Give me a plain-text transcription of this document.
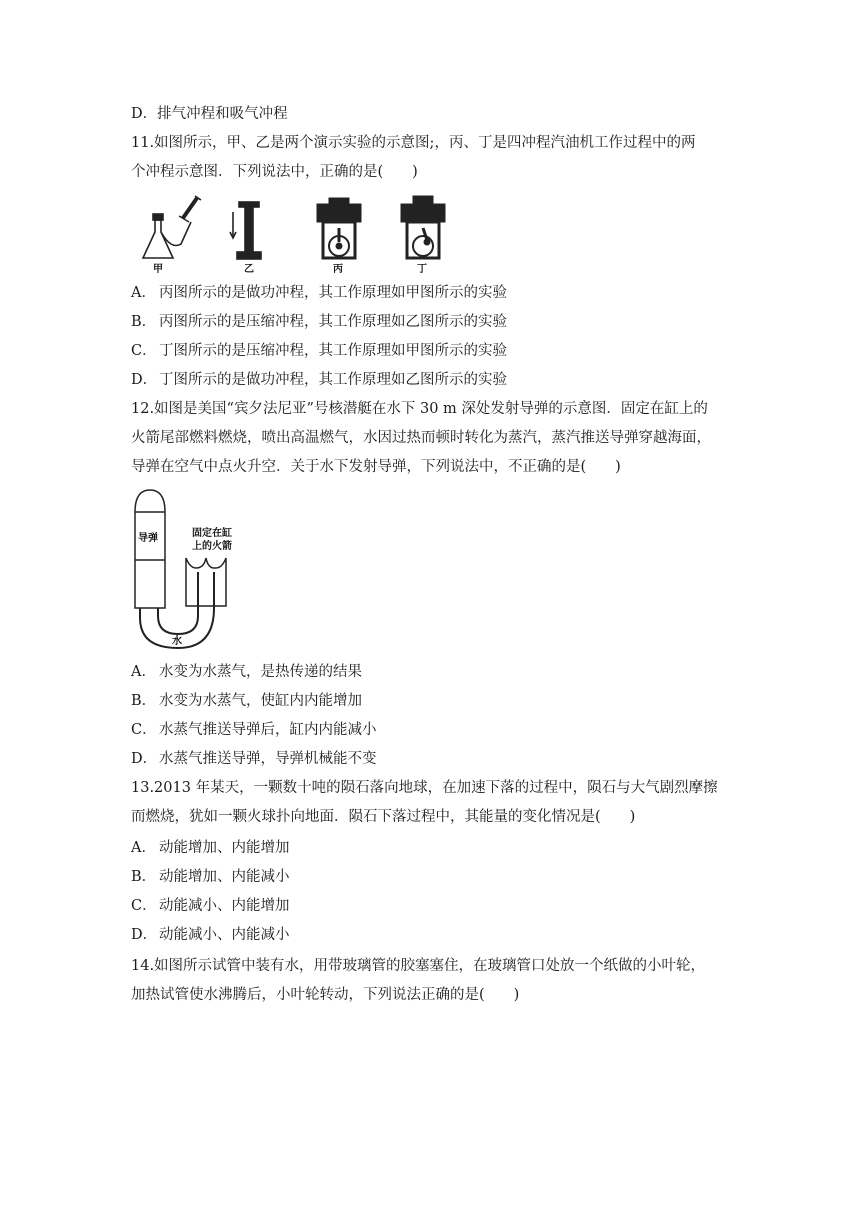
D．排气冲程和吸气冲程
11.如图所示，甲、乙是两个演示实验的示意图;，丙、丁是四冲程汽油机工作过程中的两
个冲程示意图．下列说法中，正确的是(　　)
甲	乙	丙	丁
A． 丙图所示的是做功冲程，其工作原理如甲图所示的实验
B． 丙图所示的是压缩冲程，其工作原理如乙图所示的实验
C． 丁图所示的是压缩冲程，其工作原理如甲图所示的实验
D． 丁图所示的是做功冲程，其工作原理如乙图所示的实验
12.如图是美国“宾夕法尼亚”号核潜艇在水下 30 m 深处发射导弹的示意图．固定在缸上的
火箭尾部燃料燃烧，喷出高温燃气，水因过热而顿时转化为蒸汽，蒸汽推送导弹穿越海面，
导弹在空气中点火升空．关于水下发射导弹，下列说法中，不正确的是(　　)
导弹	固定在缸
上的火箭
水
A． 水变为水蒸气，是热传递的结果
B． 水变为水蒸气，使缸内内能增加
C． 水蒸气推送导弹后，缸内内能减小
D． 水蒸气推送导弹，导弹机械能不变
13.2013 年某天，一颗数十吨的陨石落向地球，在加速下落的过程中，陨石与大气剧烈摩擦
而燃烧，犹如一颗火球扑向地面．陨石下落过程中，其能量的变化情况是(　　)
A． 动能增加、内能增加
B． 动能增加、内能减小
C． 动能减小、内能增加
D． 动能减小、内能减小
14.如图所示试管中装有水，用带玻璃管的胶塞塞住，在玻璃管口处放一个纸做的小叶轮，
加热试管使水沸腾后，小叶轮转动，下列说法正确的是(　　)
